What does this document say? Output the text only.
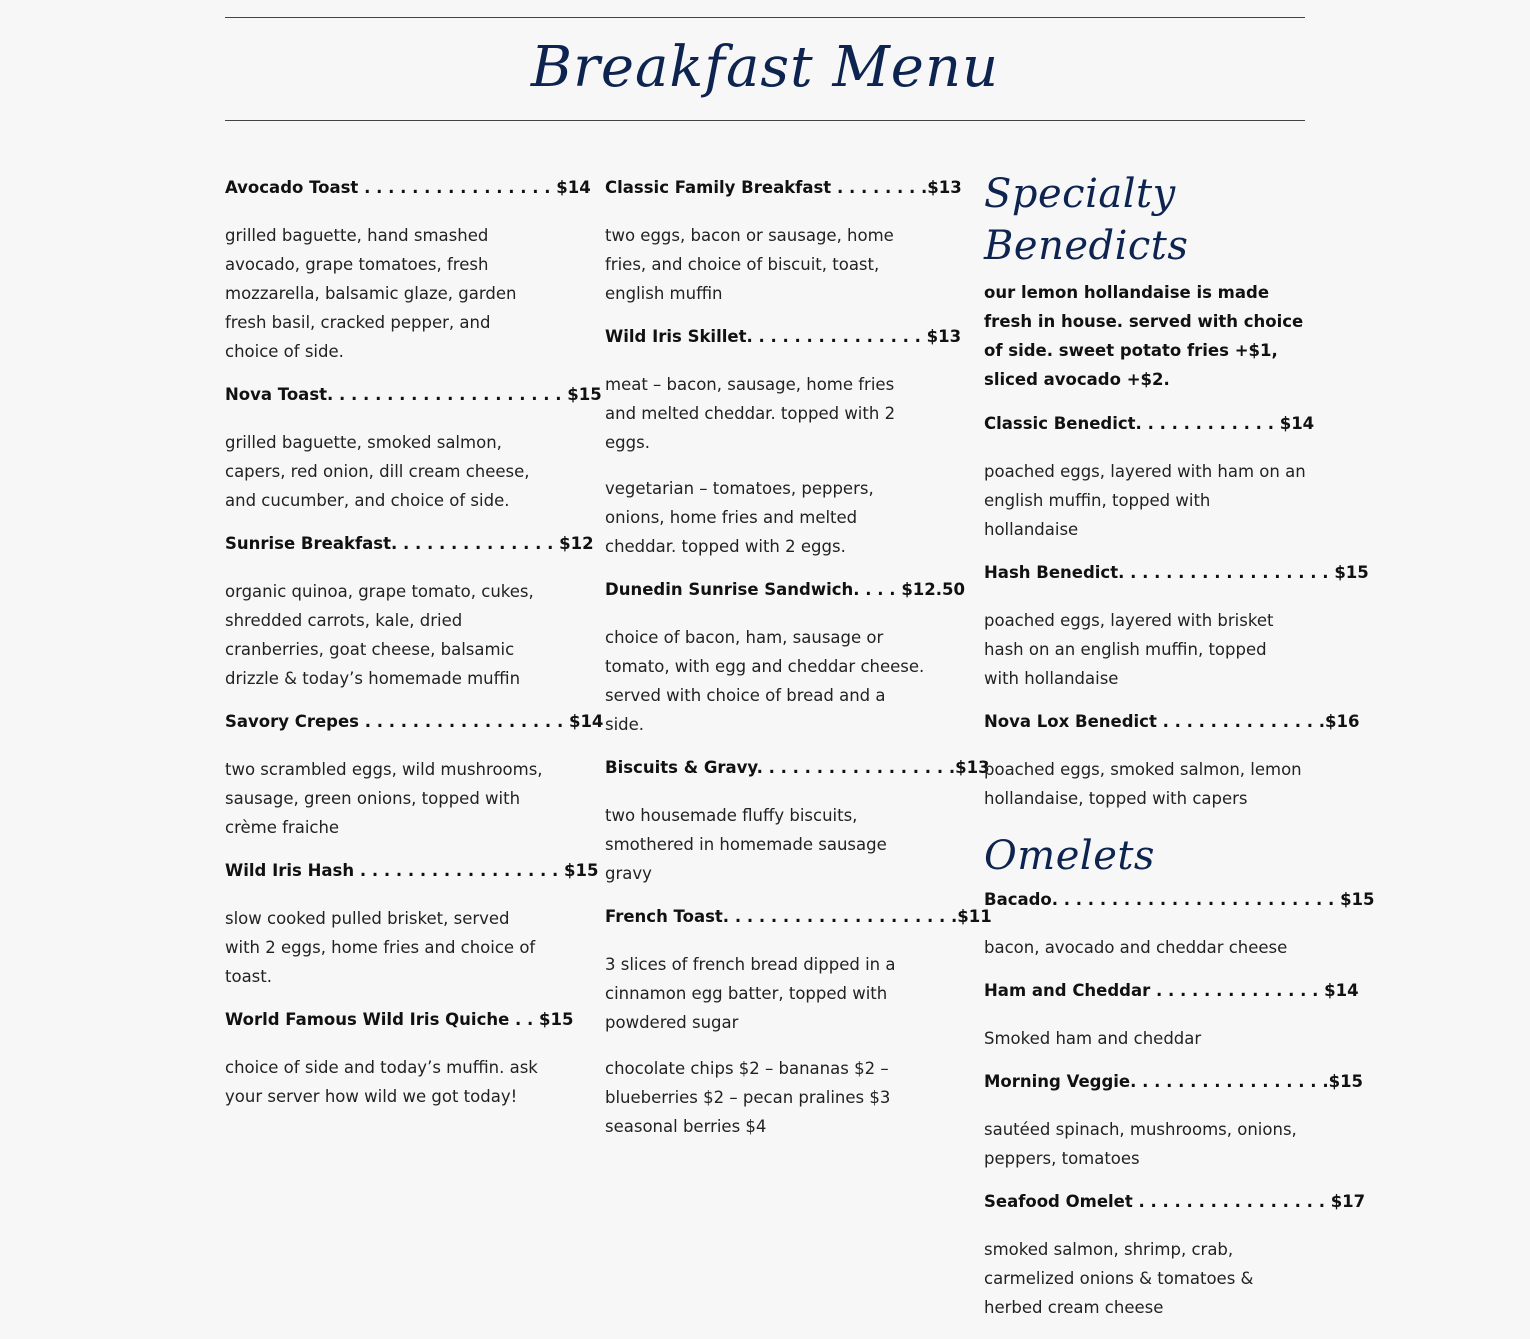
Breakfast Menu
Avocado Toast . . . . . . . . . . . . . . . . $14
grilled baguette, hand smashed avocado, grape tomatoes, fresh mozzarella, balsamic glaze, garden fresh basil, cracked pepper, and choice of side.
Nova Toast. . . . . . . . . . . . . . . . . . . . $15
grilled baguette, smoked salmon, capers, red onion, dill cream cheese, and cucumber, and choice of side.
Sunrise Breakfast. . . . . . . . . . . . . . $12
organic quinoa, grape tomato, cukes, shredded carrots, kale, dried cranberries, goat cheese, balsamic drizzle & today’s homemade muffin
Savory Crepes . . . . . . . . . . . . . . . . . $14
two scrambled eggs, wild mushrooms, sausage, green onions, topped with crème fraiche
Wild Iris Hash . . . . . . . . . . . . . . . . . $15
slow cooked pulled brisket, served with 2 eggs, home fries and choice of toast.
World Famous Wild Iris Quiche . . $15
choice of side and today’s muffin. ask your server how wild we got today!
Classic Family Breakfast . . . . . . . .$13
two eggs, bacon or sausage, home fries, and choice of biscuit, toast, english muffin
Wild Iris Skillet. . . . . . . . . . . . . . . $13
meat – bacon, sausage, home fries and melted cheddar. topped with 2 eggs.
vegetarian – tomatoes, peppers, onions, home fries and melted cheddar. topped with 2 eggs.
Dunedin Sunrise Sandwich. . . . $12.50
choice of bacon, ham, sausage or tomato, with egg and cheddar cheese. served with choice of bread and a side.
Biscuits & Gravy. . . . . . . . . . . . . . . . .$13
two housemade fluffy biscuits, smothered in homemade sausage gravy
French Toast. . . . . . . . . . . . . . . . . . . .$11
3 slices of french bread dipped in a cinnamon egg batter, topped with powdered sugar
chocolate chips $2 – bananas $2 – blueberries $2 – pecan pralines $3 seasonal berries $4
Specialty Benedicts
our lemon hollandaise is made fresh in house. served with choice of side. sweet potato fries +$1, sliced avocado +$2.
Classic Benedict. . . . . . . . . . . . $14
poached eggs, layered with ham on an english muffin, topped with hollandaise
Hash Benedict. . . . . . . . . . . . . . . . . . $15
poached eggs, layered with brisket hash on an english muffin, topped with hollandaise
Nova Lox Benedict . . . . . . . . . . . . . .$16
poached eggs, smoked salmon, lemon hollandaise, topped with capers
Omelets
Bacado. . . . . . . . . . . . . . . . . . . . . . . . $15
bacon, avocado and cheddar cheese
Ham and Cheddar . . . . . . . . . . . . . . $14
Smoked ham and cheddar
Morning Veggie. . . . . . . . . . . . . . . . .$15
sautéed spinach, mushrooms, onions, peppers, tomatoes
Seafood Omelet . . . . . . . . . . . . . . . . $17
smoked salmon, shrimp, crab, carmelized onions & tomatoes & herbed cream cheese
